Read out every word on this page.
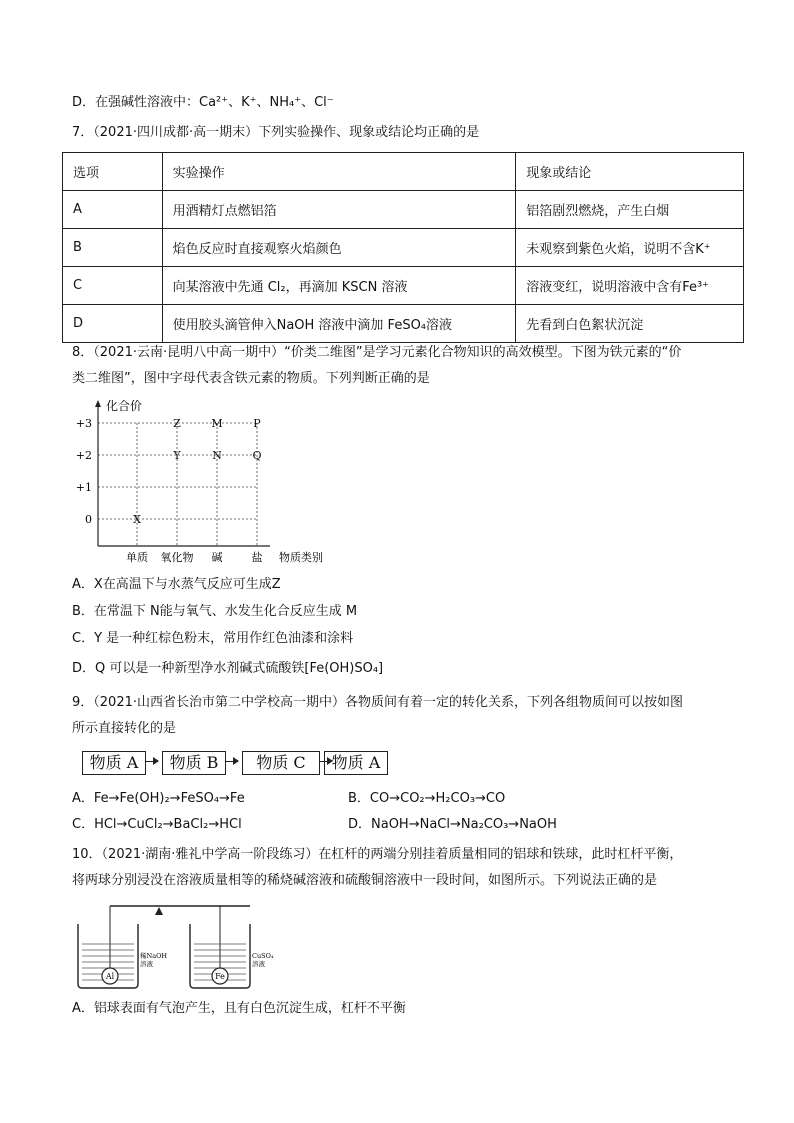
D．在强碱性溶液中：Ca²⁺、K⁺、NH₄⁺、Cl⁻
7．（2021·四川成都·高一期末）下列实验操作、现象或结论均正确的是
选项	实验操作	现象或结论
A	用酒精灯点燃铝箔	铝箔剧烈燃烧，产生白烟
B	焰色反应时直接观察火焰颜色	未观察到紫色火焰，说明不含K⁺
C	向某溶液中先通 Cl₂，再滴加 KSCN 溶液	溶液变红，说明溶液中含有Fe³⁺
D	使用胶头滴管伸入NaOH 溶液中滴加 FeSO₄溶液	先看到白色絮状沉淀
8．（2021·云南·昆明八中高一期中）“价类二维图”是学习元素化合物知识的高效模型。下图为铁元素的“价
类二维图”，图中字母代表含铁元素的物质。下列判断正确的是
化合价
+3
+2
+1
0
单质 氧化物 碱	盐 物质类别
X
Y
Z
N
M
Q
P
A．X在高温下与水蒸气反应可生成Z
B．在常温下 N能与氧气、水发生化合反应生成 M
C．Y 是一种红棕色粉末，常用作红色油漆和涂料
D．Q 可以是一种新型净水剂碱式硫酸铁[Fe(OH)SO₄]
9．（2021·山西省长治市第二中学校高一期中）各物质间有着一定的转化关系，下列各组物质间可以按如图
所示直接转化的是
物质 A	物质 B	物质 C	物质 A
A．Fe→Fe(OH)₂→FeSO₄→Fe	B．CO→CO₂→H₂CO₃→CO
C．HCl→CuCl₂→BaCl₂→HCl	D．NaOH→NaCl→Na₂CO₃→NaOH
10．（2021·湖南·雅礼中学高一阶段练习）在杠杆的两端分别挂着质量相同的铝球和铁球，此时杠杆平衡，
将两球分别浸没在溶液质量相等的稀烧碱溶液和硫酸铜溶液中一段时间，如图所示。下列说法正确的是
Al
稀NaOH
溶液
Fe
CuSO₄
溶液
A．铝球表面有气泡产生，且有白色沉淀生成，杠杆不平衡
